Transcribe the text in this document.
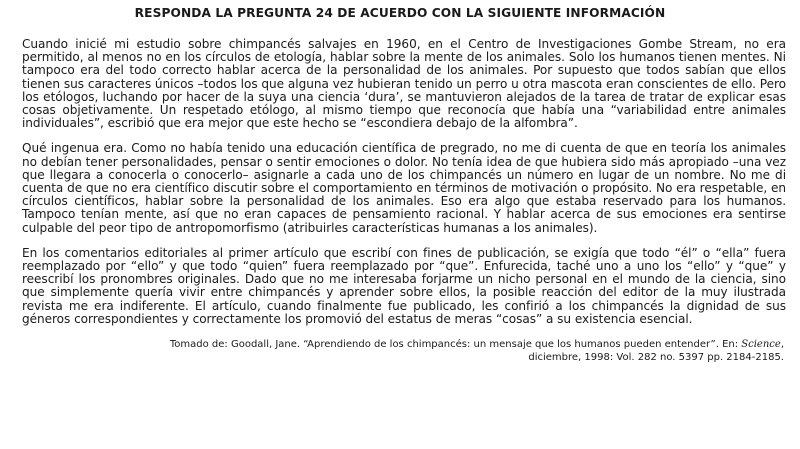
RESPONDA LA PREGUNTA 24 DE ACUERDO CON LA SIGUIENTE INFORMACIÓN

Cuando inicié mi estudio sobre chimpancés salvajes en 1960, en el Centro de Investigaciones Gombe Stream, no era permitido, al menos no en los círculos de etología, hablar sobre la mente de los animales. Solo los humanos tienen mentes. Ni tampoco era del todo correcto hablar acerca de la personalidad de los animales. Por supuesto que todos sabían que ellos tienen sus caracteres únicos –todos los que alguna vez hubieran tenido un perro u otra mascota eran conscientes de ello. Pero los etólogos, luchando por hacer de la suya una ciencia ‘dura’, se mantuvieron alejados de la tarea de tratar de explicar esas cosas objetivamente. Un respetado etólogo, al mismo tiempo que reconocía que había una “variabilidad entre animales individuales”, escribió que era mejor que este hecho se “escondiera debajo de la alfombra”.

Qué ingenua era. Como no había tenido una educación científica de pregrado, no me di cuenta de que en teoría los animales no debían tener personalidades, pensar o sentir emociones o dolor. No tenía idea de que hubiera sido más apropiado –una vez que llegara a conocerla o conocerlo– asignarle a cada uno de los chimpancés un número en lugar de un nombre. No me di cuenta de que no era científico discutir sobre el comportamiento en términos de motivación o propósito. No era respetable, en círculos científicos, hablar sobre la personalidad de los animales. Eso era algo que estaba reservado para los humanos. Tampoco tenían mente, así que no eran capaces de pensamiento racional. Y hablar acerca de sus emociones era sentirse culpable del peor tipo de antropomorfismo (atribuirles características humanas a los animales).

En los comentarios editoriales al primer artículo que escribí con fines de publicación, se exigía que todo “él” o “ella” fuera reemplazado por “ello” y que todo “quien” fuera reemplazado por “que”. Enfurecida, taché uno a uno los “ello” y “que” y reescribí los pronombres originales. Dado que no me interesaba forjarme un nicho personal en el mundo de la ciencia, sino que simplemente quería vivir entre chimpancés y aprender sobre ellos, la posible reacción del editor de la muy ilustrada revista me era indiferente. El artículo, cuando finalmente fue publicado, les confirió a los chimpancés la dignidad de sus géneros correspondientes y correctamente los promovió del estatus de meras “cosas” a su existencia esencial.

Tomado de: Goodall, Jane. “Aprendiendo de los chimpancés: un mensaje que los humanos pueden entender”. En: Science,
diciembre, 1998: Vol. 282 no. 5397 pp. 2184-2185.
